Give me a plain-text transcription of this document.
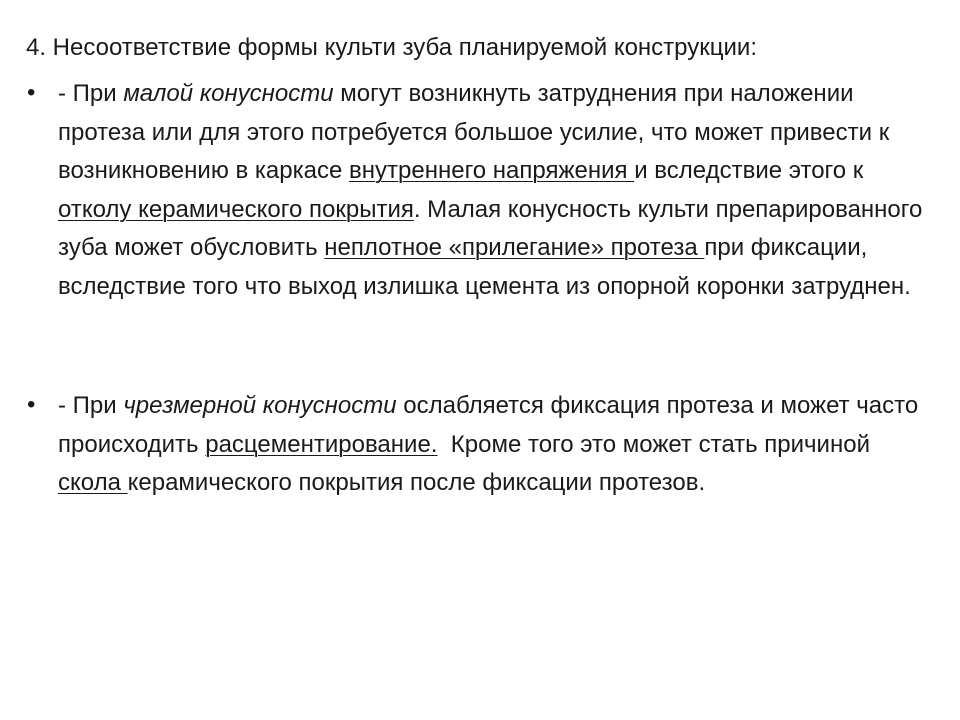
4. Несоответствие формы культи зуба планируемой конструкции:

• - При малой конусности могут возникнуть затруднения при наложении протеза или для этого потребуется большое усилие, что может привести к возникновению в каркасе внутреннего напряжения и вследствие этого к отколу керамического покрытия. Малая конусность культи препарированного зуба может обусловить неплотное «прилегание» протеза при фиксации, вследствие того что выход излишка цемента из опорной коронки затруднен.

• - При чрезмерной конусности ослабляется фиксация протеза и может часто происходить расцементирование.  Кроме того это может стать причиной  скола керамического покрытия после фиксации протезов.
